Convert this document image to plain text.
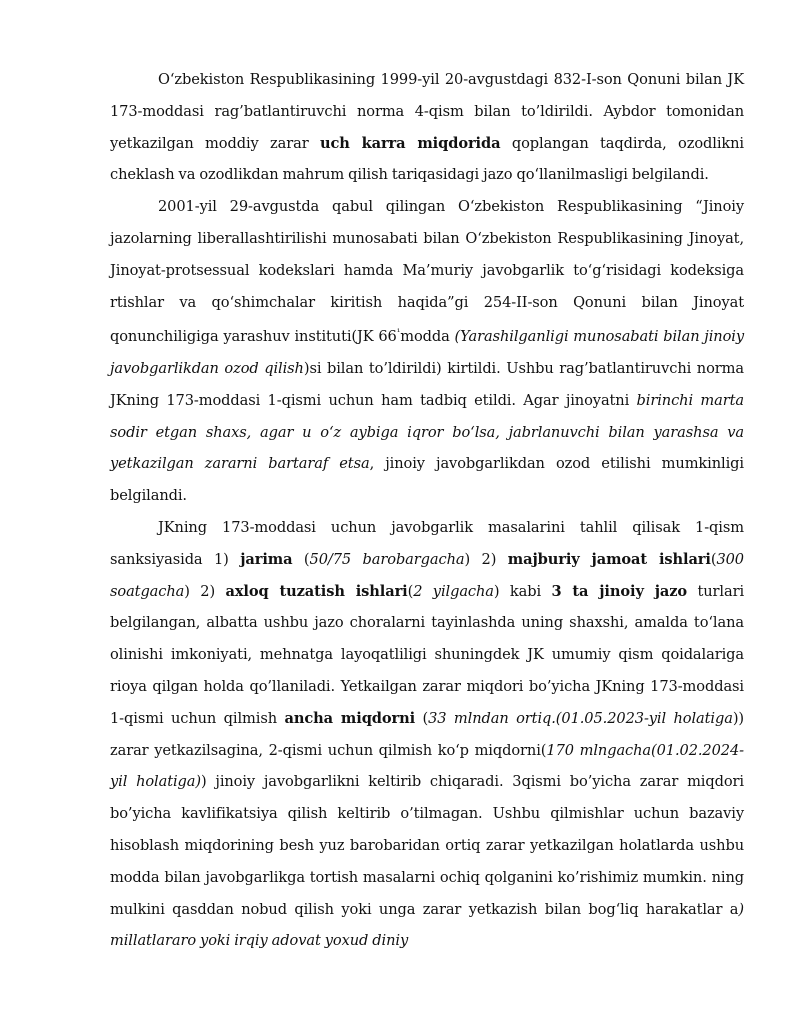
O‘zbekiston Respublikasining 1999-yil 20-avgustdagi 832-I-son Qonuni bilan JK 173-moddasi rag’batlantiruvchi norma 4-qism bilan to’ldirildi. Aybdor tomonidan yetkazilgan moddiy zarar uch karra miqdorida qoplangan taqdirda, ozodlikni cheklash va ozodlikdan mahrum qilish tariqasidagi jazo qo‘llanilmasligi belgilandi.

2001-yil 29-avgustda qabul qilingan O‘zbekiston Respublikasining “Jinoiy jazolarning liberallashtirilishi munosabati bilan O‘zbekiston Respublikasining Jinoyat, Jinoyat-protsessual kodekslari hamda Ma’muriy javobgarlik to‘g‘risidagi kodeksiga rtishlar va qo‘shimchalar kiritish haqida”gi 254-II-son Qonuni bilan Jinoyat qonunchiligiga yarashuv instituti(JK $66^{^1}modda$ (Yarashilganligi munosabati bilan jinoiy javobgarlikdan ozod qilish)si bilan to’ldirildi) kirtildi. Ushbu rag’batlantiruvchi norma JKning 173-moddasi 1-qismi uchun ham tadbiq etildi. Agar jinoyatni birinchi marta sodir etgan shaxs, agar u o‘z aybiga iqror bo‘lsa, jabrlanuvchi bilan yarashsa va yetkazilgan zararni bartaraf etsa, jinoiy javobgarlikdan ozod etilishi mumkinligi belgilandi.

JKning 173-moddasi uchun javobgarlik masalarini tahlil qilisak 1-qism sanksiyasida 1) jarima (50/75 barobargacha) 2) majburiy jamoat ishlari(300 soatgacha) 2) axloq tuzatish ishlari(2 yilgacha) kabi 3 ta jinoiy jazo turlari belgilangan, albatta ushbu jazo choralarni tayinlashda uning shaxshi, amalda to‘lana olinishi imkoniyati, mehnatga layoqatliligi shuningdek JK umumiy qism qoidalariga rioya qilgan holda qo’llaniladi. Yetkailgan zarar miqdori bo’yicha JKning 173-moddasi 1-qismi uchun qilmish ancha miqdorni (33 mlndan ortiq.(01.05.2023-yil holatiga)) zarar yetkazilsagina, 2-qismi uchun qilmish ko‘p miqdorni(170 mlngacha(01.02.2024-yil holatiga)) jinoiy javobgarlikni keltirib chiqaradi. 3qismi bo’yicha zarar miqdori bo’yicha kavlifikatsiya qilish keltirib o’tilmagan. Ushbu qilmishlar uchun bazaviy hisoblash miqdorining besh yuz barobaridan ortiq zarar yetkazilgan holatlarda ushbu modda bilan javobgarlikga tortish masalarni ochiq qolganini ko’rishimiz mumkin. ning mulkini qasddan nobud qilish yoki unga zarar yetkazish bilan bog‘liq harakatlar а) millatlararo yoki irqiy adovat yoxud diniy
